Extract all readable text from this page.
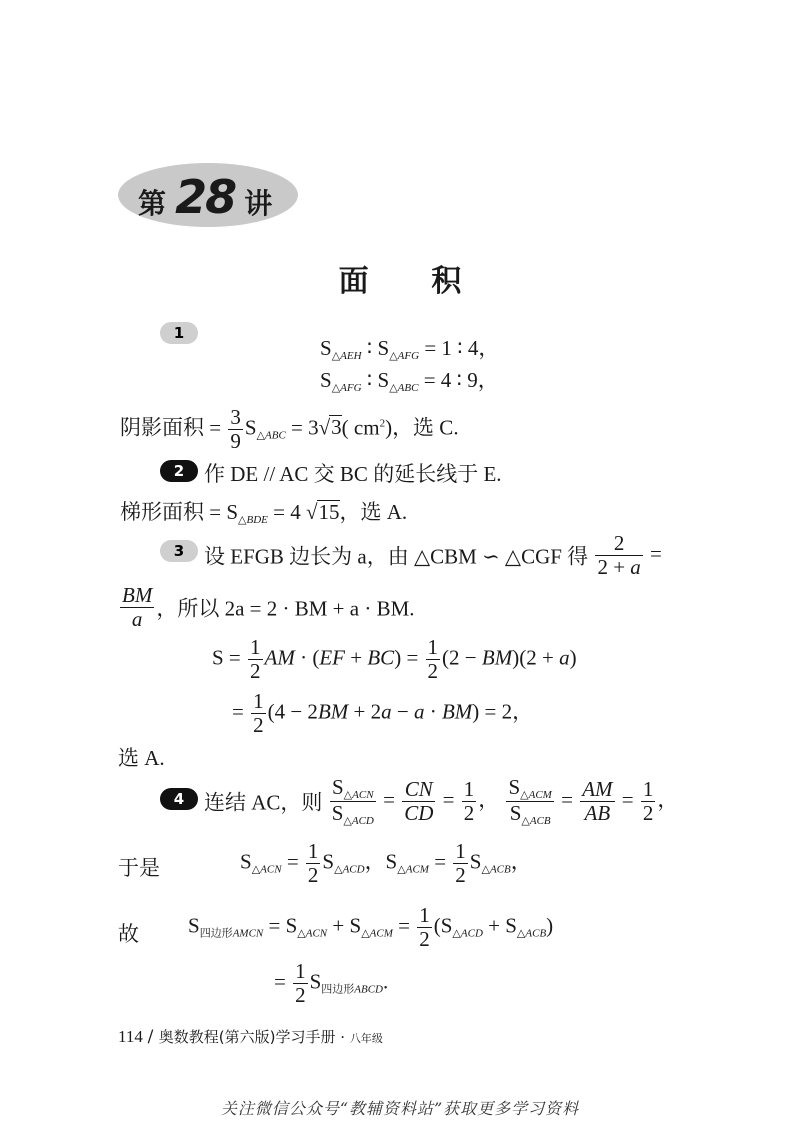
第 28 讲
面      积
1
$S_{\triangle AEH}$ ∶ $S_{\triangle AFG} = 1$ ∶ 4，
$S_{\triangle AFG}$ ∶ $S_{\triangle ABC} = 4$ ∶ 9，
阴影面积 = $\frac{3}{9} S_{\triangle ABC} = 3√3$( $cm^2$)，选 C.
2 作 DE // AC 交 BC 的延长线于 E.
梯形面积 = $S_{\triangle BDE} = 4$ √15，选 A.
3 设 EFGB 边长为 a，由 △CBM ∽ △CGF 得 $\frac{2}{2 + a}$ =
$\frac{BM}{a}$ ，所以 2a = 2 · BM + a · BM.
$S = \frac{1}{2}$ AM · $(EF + BC) = \frac{1}{2} (2 - BM)(2 + a)$
= $\frac{1}{2} (4 - 2BM + 2a - a \cdot BM) = 2$，
选 A.
4 连结 AC，则 $\frac{S_{\triangle ACN}}{S_{\triangle ACD}} = \frac{CN}{CD} = \frac{1}{2}$ ， $\frac{S_{\triangle ACM}}{S_{\triangle ACB}} = \frac{AM}{AB} = \frac{1}{2}$ ，
于是	$S_{\triangle ACN} = \frac{1}{2} S_{\triangle ACD}$，$S_{\triangle ACM} = \frac{1}{2} S_{\triangle ACB}$，
故 $S_{四边形AMCN} = S_{\triangle ACN} + S_{\triangle ACM} = \frac{1}{2} (S_{\triangle ACD} + S_{\triangle ACB})$
= $\frac{1}{2} S_{四边形ABCD}$.
114 / 奥数教程(第六版)学习手册 · 八年级
关注微信公众号“教辅资料站”获取更多学习资料
